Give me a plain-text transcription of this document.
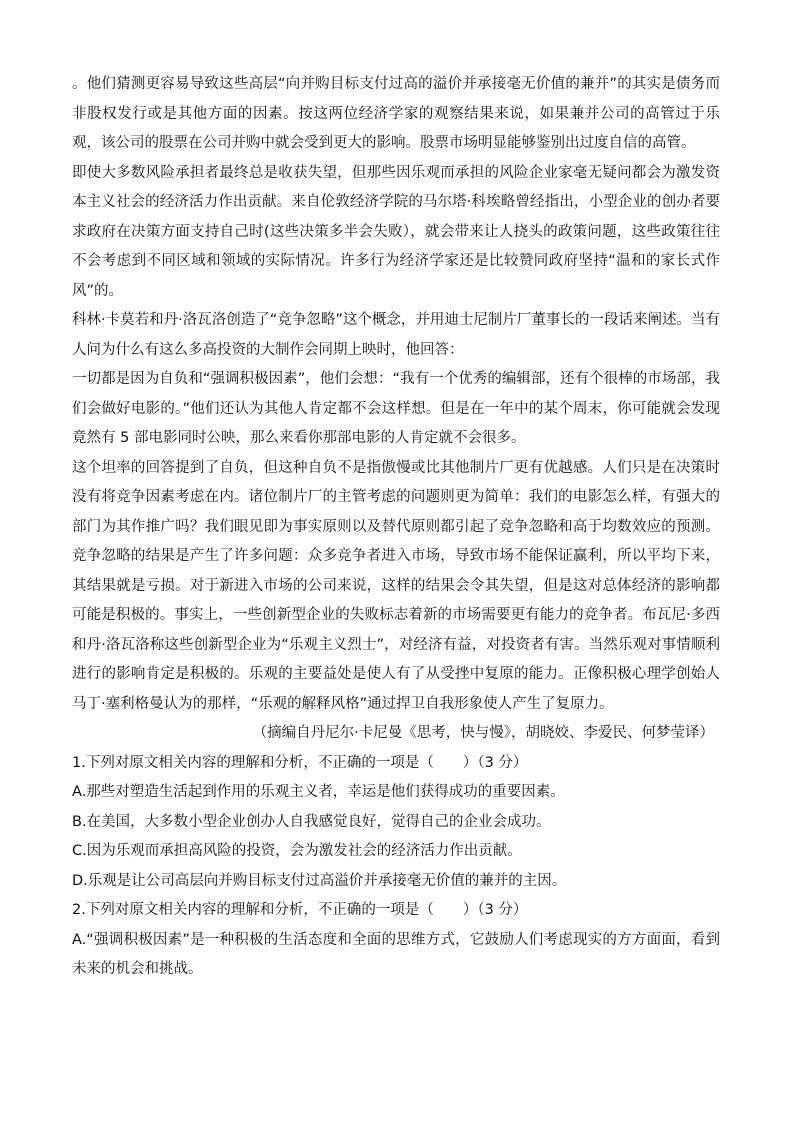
。他们猜测更容易导致这些高层“向并购目标支付过高的溢价并承接毫无价值的兼并”的其实是债务而非股权发行或是其他方面的因素。按这两位经济学家的观察结果来说，如果兼并公司的高管过于乐观，该公司的股票在公司并购中就会受到更大的影响。股票市场明显能够鉴别出过度自信的高管。

即使大多数风险承担者最终总是收获失望，但那些因乐观而承担的风险企业家毫无疑问都会为激发资本主义社会的经济活力作出贡献。来自伦敦经济学院的马尔塔·科埃略曾经指出，小型企业的创办者要求政府在决策方面支持自己时(这些决策多半会失败），就会带来让人挠头的政策问题，这些政策往往不会考虑到不同区域和领域的实际情况。许多行为经济学家还是比较赞同政府坚持“温和的家长式作风”的。

科林·卡莫若和丹·洛瓦洛创造了“竞争忽略”这个概念，并用迪士尼制片厂董事长的一段话来阐述。当有人问为什么有这么多高投资的大制作会同期上映时，他回答：

一切都是因为自负和“强调积极因素”，他们会想：“我有一个优秀的编辑部，还有个很棒的市场部，我们会做好电影的。”他们还认为其他人肯定都不会这样想。但是在一年中的某个周末，你可能就会发现竟然有 5 部电影同时公映，那么来看你那部电影的人肯定就不会很多。

这个坦率的回答提到了自负，但这种自负不是指傲慢或比其他制片厂更有优越感。人们只是在决策时没有将竞争因素考虑在内。诸位制片厂的主管考虑的问题则更为简单：我们的电影怎么样，有强大的部门为其作推广吗？我们眼见即为事实原则以及替代原则都引起了竞争忽略和高于均数效应的预测。竞争忽略的结果是产生了许多问题：众多竞争者进入市场，导致市场不能保证赢利，所以平均下来，其结果就是亏损。对于新进入市场的公司来说，这样的结果会令其失望，但是这对总体经济的影响都可能是积极的。事实上，一些创新型企业的失败标志着新的市场需要更有能力的竞争者。布瓦尼·多西和丹·洛瓦洛称这些创新型企业为“乐观主义烈士”，对经济有益，对投资者有害。当然乐观对事情顺利进行的影响肯定是积极的。乐观的主要益处是使人有了从受挫中复原的能力。正像积极心理学创始人马丁·塞利格曼认为的那样，“乐观的解释风格”通过捍卫自我形象使人产生了复原力。

（摘编自丹尼尔·卡尼曼《思考，快与慢》，胡晓姣、李爱民、何梦莹译）

1.下列对原文相关内容的理解和分析，不正确的一项是（　　）（3 分）

A.那些对塑造生活起到作用的乐观主义者，幸运是他们获得成功的重要因素。

B.在美国，大多数小型企业创办人自我感觉良好，觉得自己的企业会成功。

C.因为乐观而承担高风险的投资，会为激发社会的经济活力作出贡献。

D.乐观是让公司高层向并购目标支付过高溢价并承接毫无价值的兼并的主因。

2.下列对原文相关内容的理解和分析，不正确的一项是（　　）（3 分）

A.“强调积极因素”是一种积极的生活态度和全面的思维方式，它鼓励人们考虑现实的方方面面，看到未来的机会和挑战。
